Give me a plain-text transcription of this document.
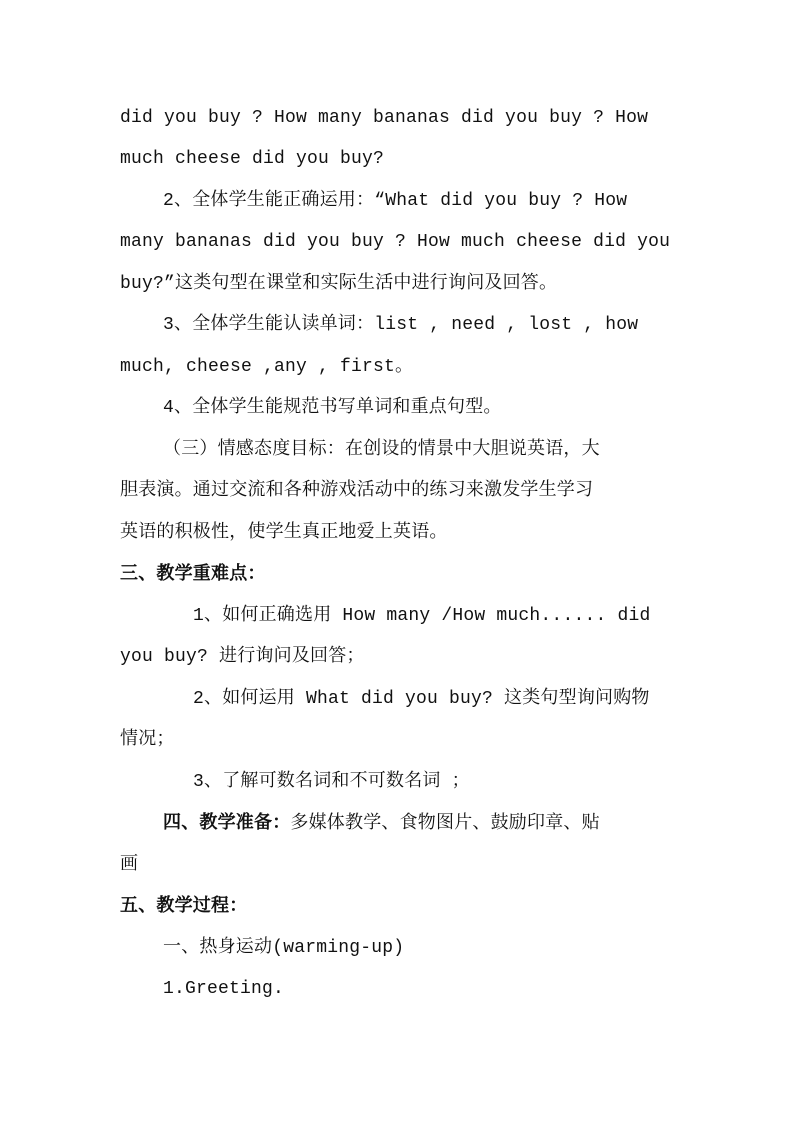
did you buy ? How many bananas did you buy ? How
much cheese did you buy?
2、全体学生能正确运用：“What did you buy ? How
many bananas did you buy ? How much cheese did you
buy?”这类句型在课堂和实际生活中进行询问及回答。
3、全体学生能认读单词：list , need , lost , how
much, cheese ,any , first。
4、全体学生能规范书写单词和重点句型。
（三）情感态度目标：在创设的情景中大胆说英语，大
胆表演。通过交流和各种游戏活动中的练习来激发学生学习
英语的积极性，使学生真正地爱上英语。
三、教学重难点：
1、如何正确选用 How many /How much...... did
you buy? 进行询问及回答；
2、如何运用 What did you buy? 这类句型询问购物
情况；
3、了解可数名词和不可数名词 ；
四、教学准备：多媒体教学、食物图片、鼓励印章、贴
画
五、教学过程：
一、热身运动(warming-up)
1.Greeting.
